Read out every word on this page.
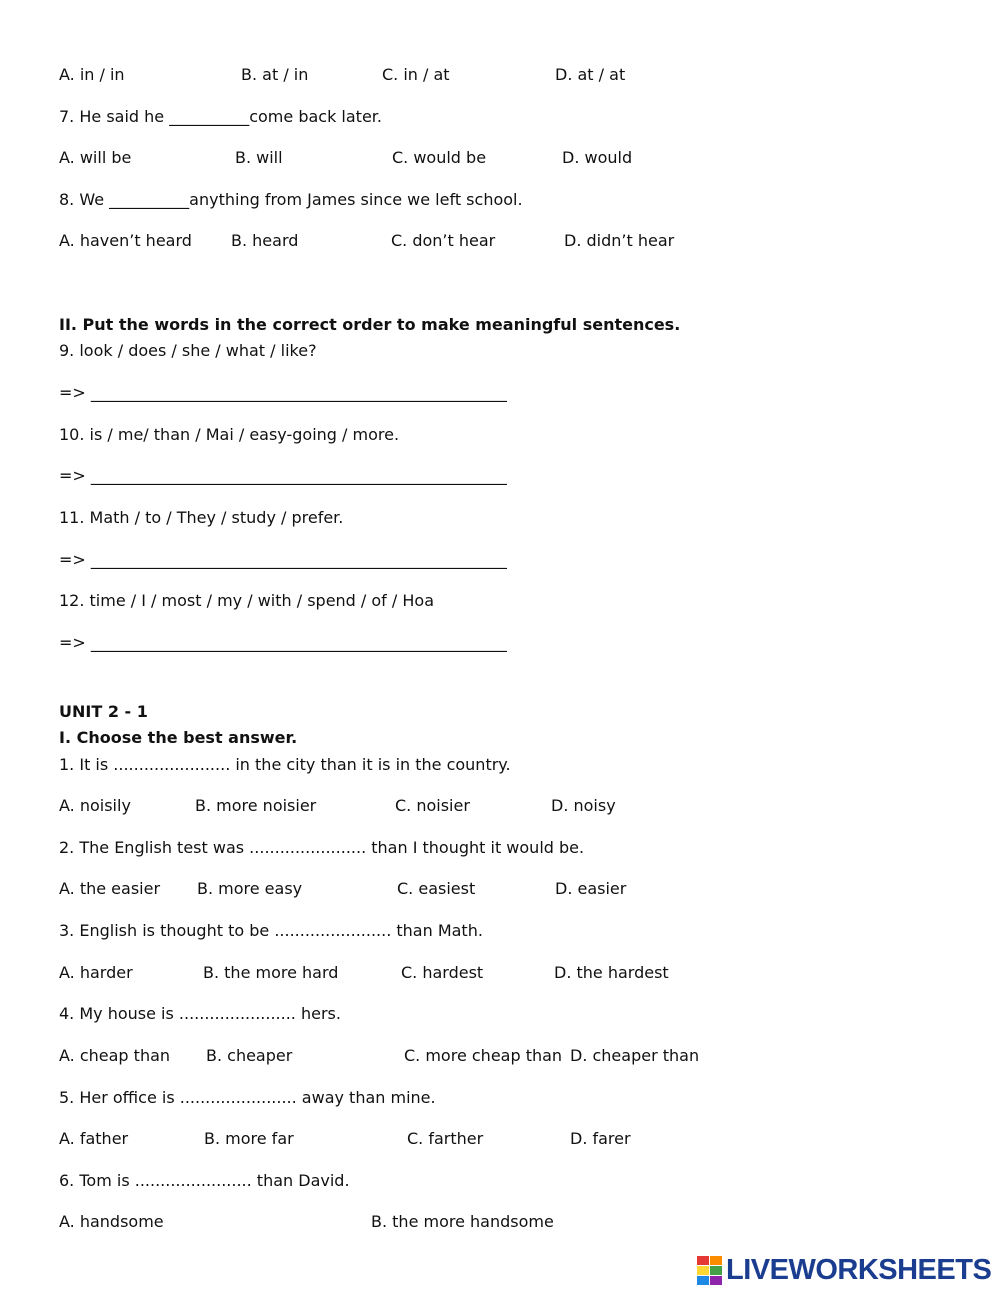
A. in / in	B. at / in	C. in / at	D. at / at
7. He said he __________come back later.
A. will be	B. will	C. would be	D. would
8. We __________anything from James since we left school.
A. haven’t heard B. heard	C. don’t hear	D. didn’t hear
II. Put the words in the correct order to make meaningful sentences.
9. look / does / she / what / like?
=> ____________________________________________________
10. is / me/ than / Mai / easy-going / more.
=> ____________________________________________________
11. Math / to / They / study / prefer.
=> ____________________________________________________
12. time / I / most / my / with / spend / of / Hoa
=> ____________________________________________________
UNIT 2 - 1
I. Choose the best answer.
1. It is ....................... in the city than it is in the country.
A. noisily	B. more noisier	C. noisier	D. noisy
2. The English test was ....................... than I thought it would be.
A. the easier B. more easy	C. easiest	D. easier
3. English is thought to be ....................... than Math.
A. harder	B. the more hard	C. hardest	D. the hardest
4. My house is ....................... hers.
A. cheap than B. cheaper	C. more cheap than D. cheaper than
5. Her office is ....................... away than mine.
A. father	B. more far	C. farther	D. farer
6. Tom is ....................... than David.
A. handsome	B. the more handsome
LIVEWORKSHEETS
